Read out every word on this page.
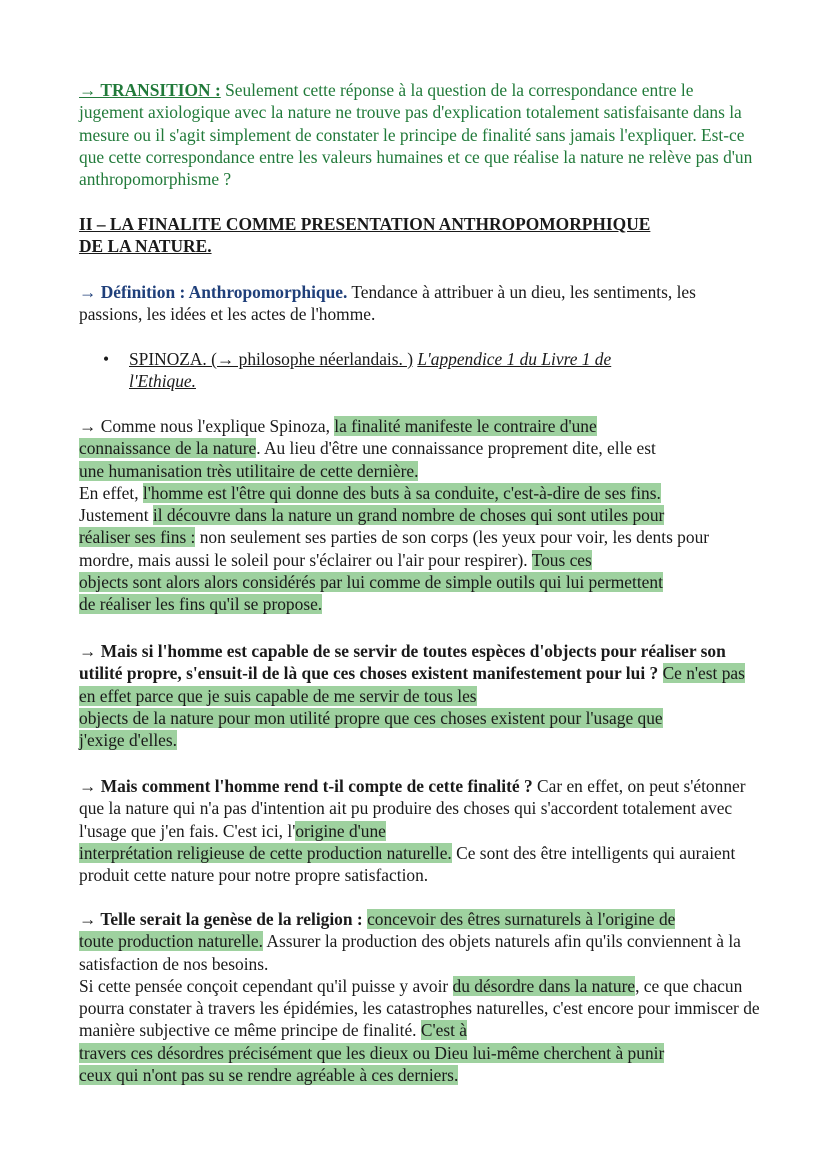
→ TRANSITION : Seulement cette réponse à la question de la correspondance entre le jugement axiologique avec la nature ne trouve pas d'explication totalement satisfaisante dans la mesure ou il s'agit simplement de constater le principe de finalité sans jamais l'expliquer. Est-ce que cette correspondance entre les valeurs humaines et ce que réalise la nature ne relève pas d'un anthropomorphisme ?

II – LA FINALITE COMME PRESENTATION ANTHROPOMORPHIQUE
DE LA NATURE.

→ Définition : Anthropomorphique. Tendance à attribuer à un dieu, les sentiments, les passions, les idées et les actes de l'homme.

• SPINOZA. (→ philosophe néerlandais. ) L'appendice 1 du Livre 1 de
l'Ethique.

→ Comme nous l'explique Spinoza, la finalité manifeste le contraire d'une
connaissance de la nature. Au lieu d'être une connaissance proprement dite, elle est
une humanisation très utilitaire de cette dernière.
En effet, l'homme est l'être qui donne des buts à sa conduite, c'est-à-dire de ses fins.
Justement il découvre dans la nature un grand nombre de choses qui sont utiles pour
réaliser ses fins : non seulement ses parties de son corps (les yeux pour voir, les dents pour mordre, mais aussi le soleil pour s'éclairer ou l'air pour respirer). Tous ces
objects sont alors alors considérés par lui comme de simple outils qui lui permettent
de réaliser les fins qu'il se propose.

→ Mais si l'homme est capable de se servir de toutes espèces d'objects pour réaliser son utilité propre, s'ensuit-il de là que ces choses existent manifestement pour lui ? Ce n'est pas en effet parce que je suis capable de me servir de tous les
objects de la nature pour mon utilité propre que ces choses existent pour l'usage que
j'exige d'elles.

→ Mais comment l'homme rend t-il compte de cette finalité ? Car en effet, on peut s'étonner que la nature qui n'a pas d'intention ait pu produire des choses qui s'accordent totalement avec l'usage que j'en fais. C'est ici, l'origine d'une
interprétation religieuse de cette production naturelle. Ce sont des être intelligents qui auraient produit cette nature pour notre propre satisfaction.

→ Telle serait la genèse de la religion : concevoir des êtres surnaturels à l'origine de
toute production naturelle. Assurer la production des objets naturels afin qu'ils conviennent à la satisfaction de nos besoins.
Si cette pensée conçoit cependant qu'il puisse y avoir du désordre dans la nature, ce que chacun pourra constater à travers les épidémies, les catastrophes naturelles, c'est encore pour immiscer de manière subjective ce même principe de finalité. C'est à
travers ces désordres précisément que les dieux ou Dieu lui-même cherchent à punir
ceux qui n'ont pas su se rendre agréable à ces derniers.
